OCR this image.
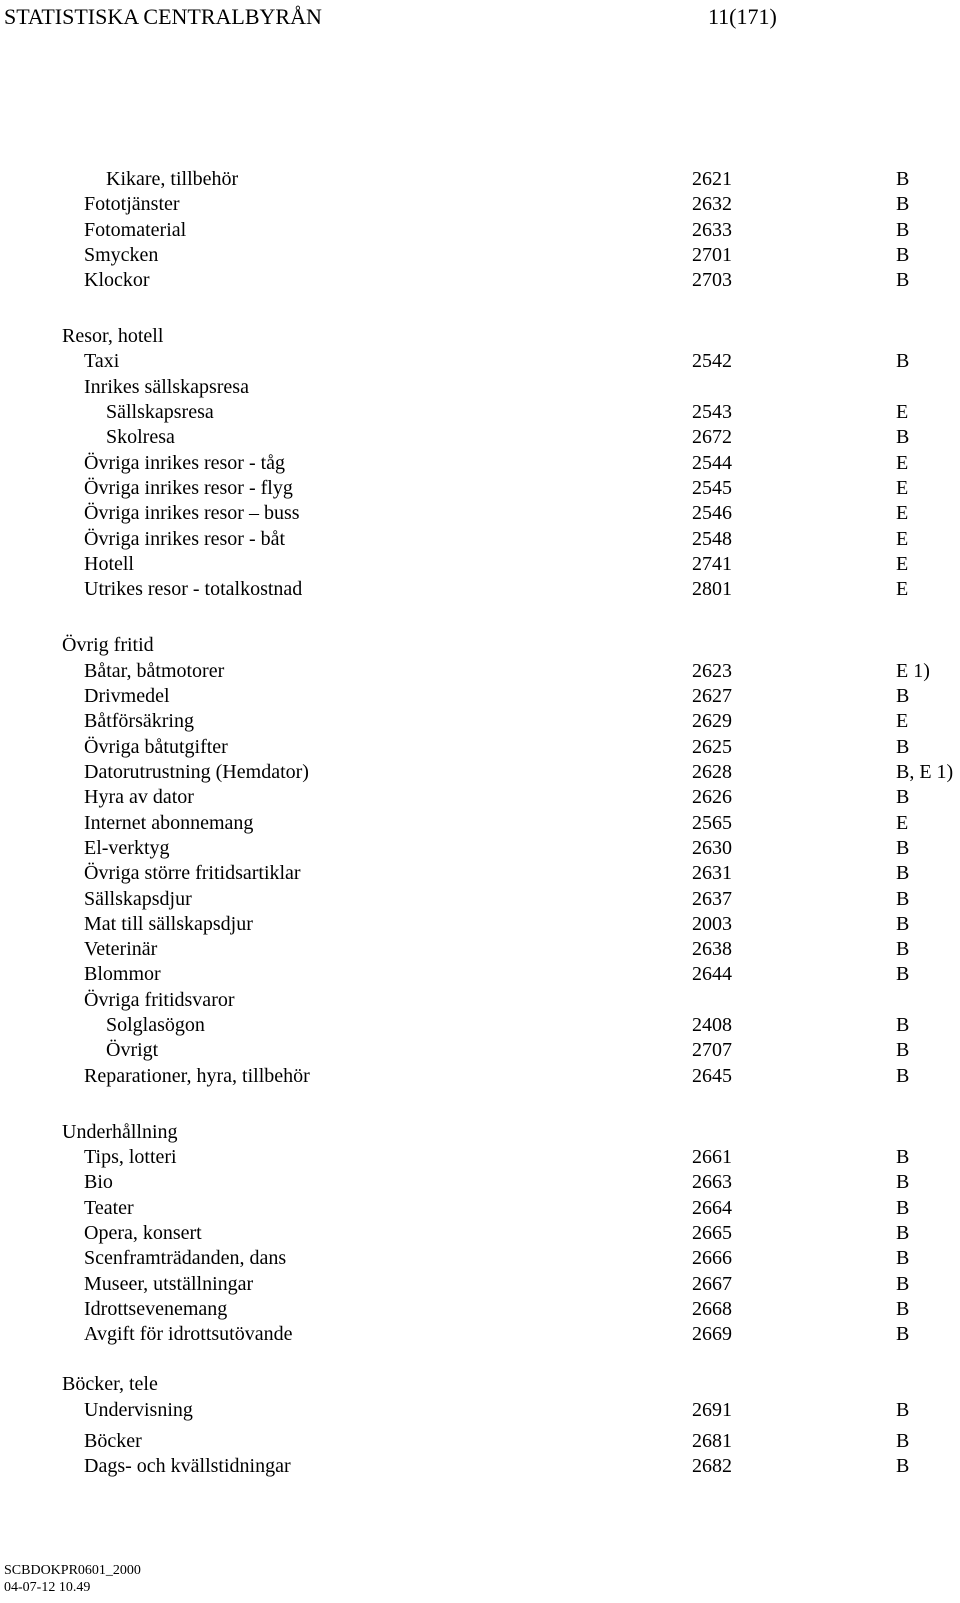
STATISTISKA CENTRALBYRÅN	11(171)
Kikare, tillbehör	2621	B
Fototjänster	2632	B
Fotomaterial	2633	B
Smycken	2701	B
Klockor	2703	B
Resor, hotell
Taxi	2542	B
Inrikes sällskapsresa
Sällskapsresa	2543	E
Skolresa	2672	B
Övriga inrikes resor - tåg	2544	E
Övriga inrikes resor - flyg	2545	E
Övriga inrikes resor – buss	2546	E
Övriga inrikes resor - båt	2548	E
Hotell	2741	E
Utrikes resor - totalkostnad	2801	E
Övrig fritid
Båtar, båtmotorer	2623	E 1)
Drivmedel	2627	B
Båtförsäkring	2629	E
Övriga båtutgifter	2625	B
Datorutrustning (Hemdator)	2628	B, E 1)
Hyra av dator	2626	B
Internet abonnemang	2565	E
El-verktyg	2630	B
Övriga större fritidsartiklar	2631	B
Sällskapsdjur	2637	B
Mat till sällskapsdjur	2003	B
Veterinär	2638	B
Blommor	2644	B
Övriga fritidsvaror
Solglasögon	2408	B
Övrigt	2707	B
Reparationer, hyra, tillbehör	2645	B
Underhållning
Tips, lotteri	2661	B
Bio	2663	B
Teater	2664	B
Opera, konsert	2665	B
Scenframträdanden, dans	2666	B
Museer, utställningar	2667	B
Idrottsevenemang	2668	B
Avgift för idrottsutövande	2669	B
Böcker, tele
Undervisning	2691	B
Böcker	2681	B
Dags- och kvällstidningar	2682	B
SCBDOKPR0601_2000
04-07-12 10.49
